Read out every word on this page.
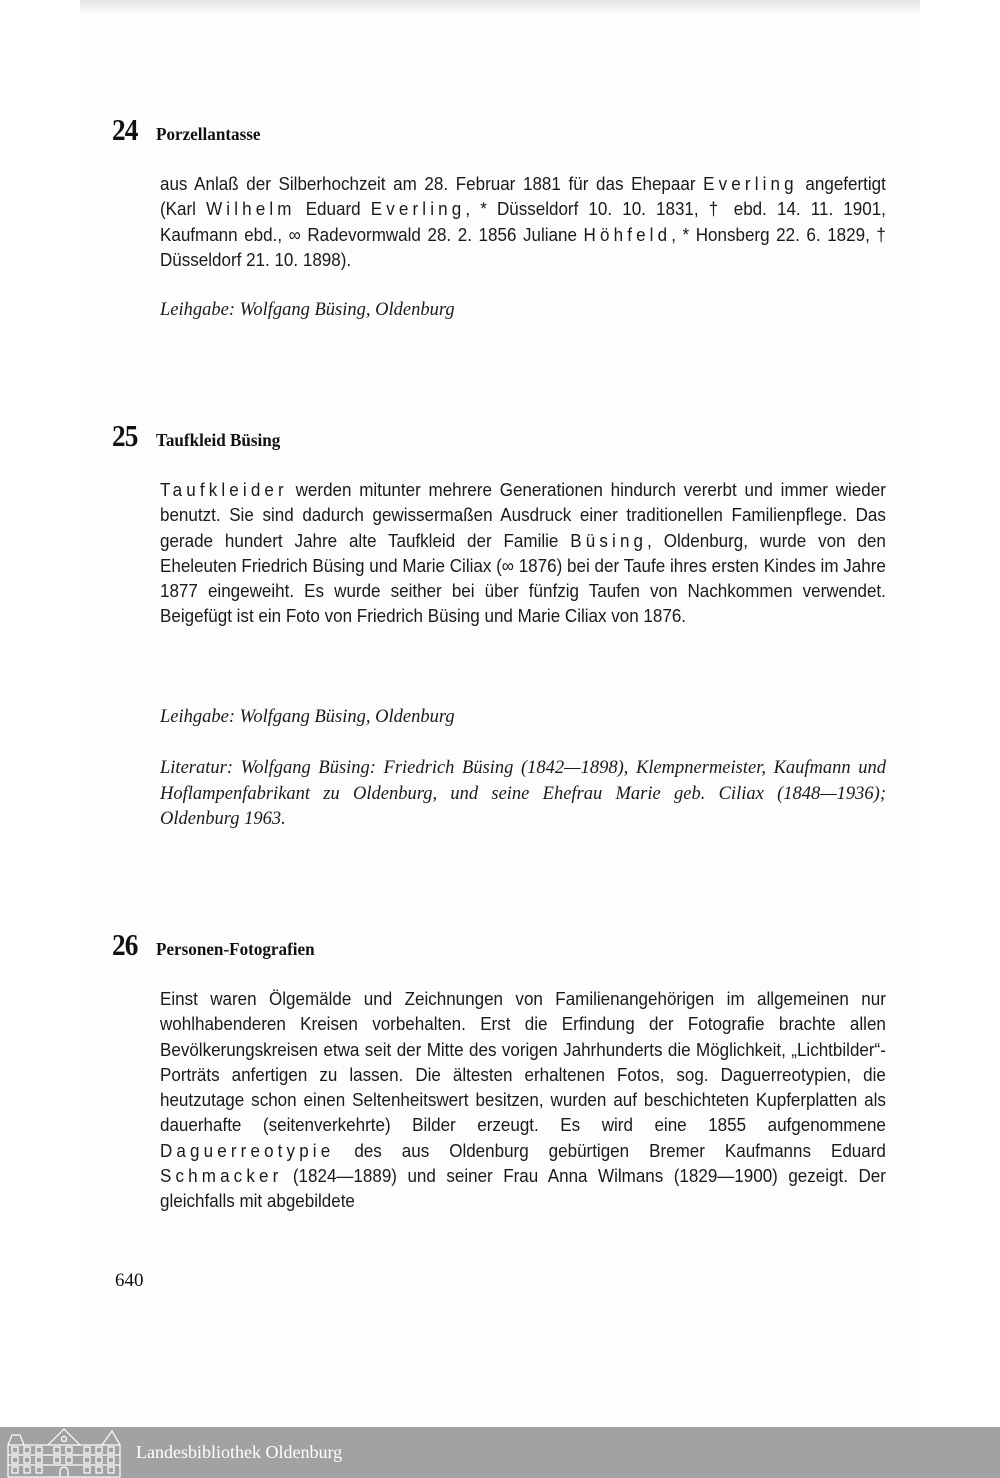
24	Porzellantasse
aus Anlaß der Silberhochzeit am 28. Februar 1881 für das Ehepaar Everling angefertigt (Karl Wilhelm Eduard Everling, * Düsseldorf 10. 10. 1831, † ebd. 14. 11. 1901, Kaufmann ebd., ∞ Radevormwald 28. 2. 1856 Juliane Höhfeld, * Honsberg 22. 6. 1829, † Düsseldorf 21. 10. 1898).
Leihgabe: Wolfgang Büsing, Oldenburg
25	Taufkleid Büsing
Taufkleider werden mitunter mehrere Generationen hindurch vererbt und immer wieder benutzt. Sie sind dadurch gewissermaßen Ausdruck einer traditionellen Familienpflege. Das gerade hundert Jahre alte Taufkleid der Familie Büsing, Oldenburg, wurde von den Eheleuten Friedrich Büsing und Marie Ciliax (∞ 1876) bei der Taufe ihres ersten Kindes im Jahre 1877 eingeweiht. Es wurde seither bei über fünfzig Taufen von Nachkommen verwendet. Beigefügt ist ein Foto von Friedrich Büsing und Marie Ciliax von 1876.
Leihgabe: Wolfgang Büsing, Oldenburg
Literatur: Wolfgang Büsing: Friedrich Büsing (1842—1898), Klempnermeister, Kaufmann und Hoflampenfabrikant zu Oldenburg, und seine Ehefrau Marie geb. Ciliax (1848—1936); Oldenburg 1963.
26	Personen-Fotografien
Einst waren Ölgemälde und Zeichnungen von Familienangehörigen im allgemeinen nur wohlhabenderen Kreisen vorbehalten. Erst die Erfindung der Fotografie brachte allen Bevölkerungskreisen etwa seit der Mitte des vorigen Jahrhunderts die Möglichkeit, „Lichtbilder“-Porträts anfertigen zu lassen. Die ältesten erhaltenen Fotos, sog. Daguerreotypien, die heutzutage schon einen Seltenheitswert besitzen, wurden auf beschichteten Kupferplatten als dauerhafte (seitenverkehrte) Bilder erzeugt. Es wird eine 1855 aufgenommene Daguerreotypie des aus Oldenburg gebürtigen Bremer Kaufmanns Eduard Schmacker (1824—1889) und seiner Frau Anna Wilmans (1829—1900) gezeigt. Der gleichfalls mit abgebildete
640
Landesbibliothek Oldenburg
